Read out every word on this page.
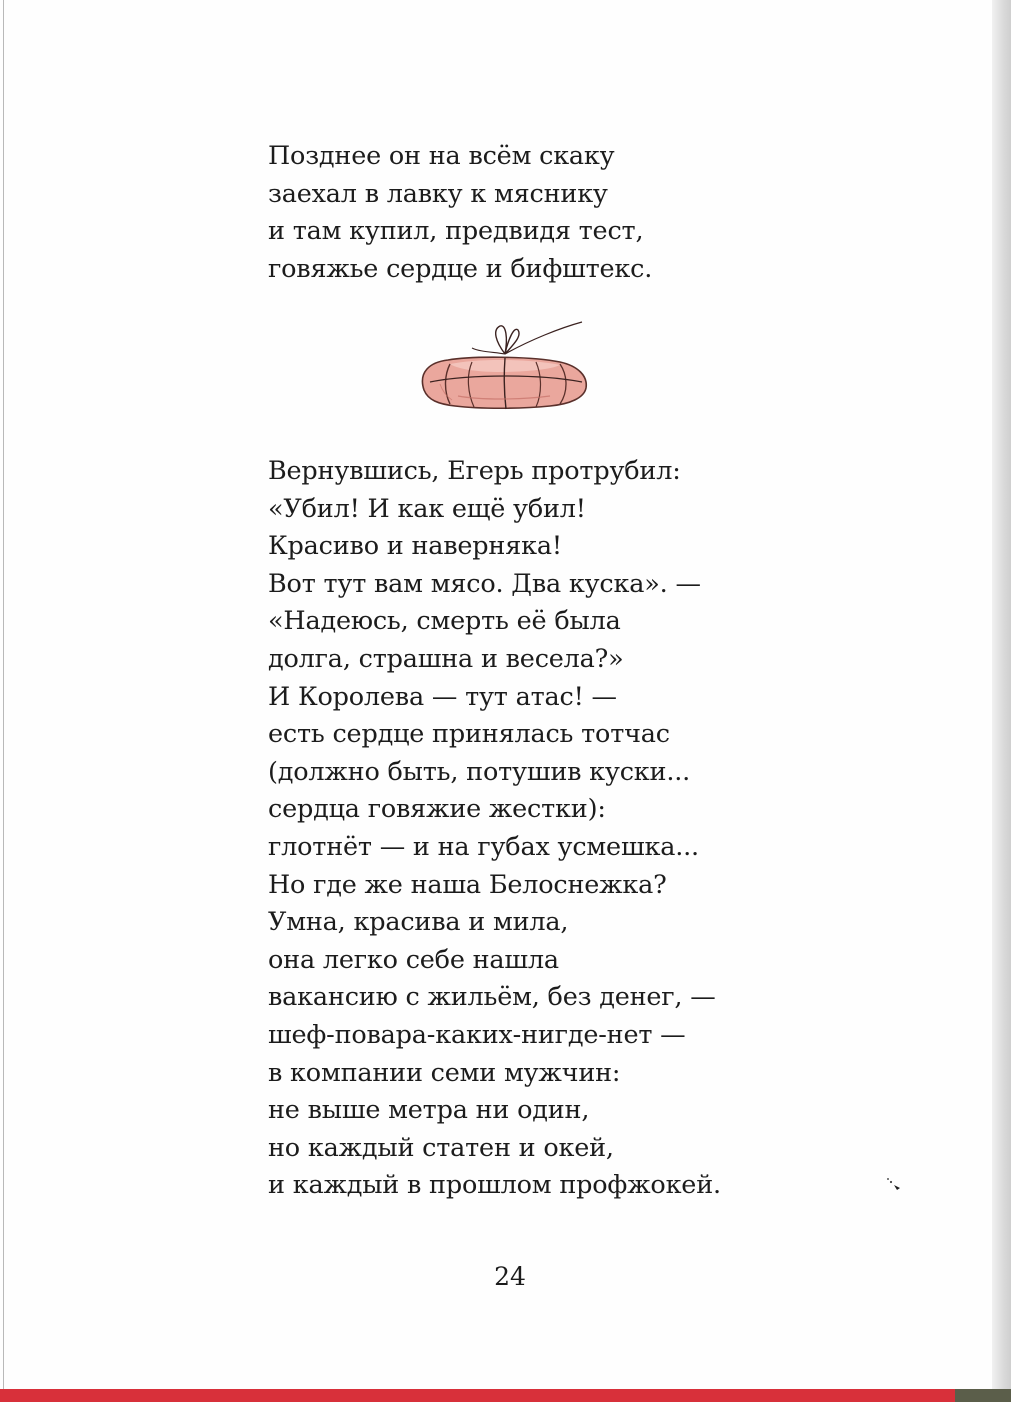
Позднее он на всём скаку
заехал в лавку к мяснику
и там купил, предвидя тест,
говяжье сердце и бифштекс.
Вернувшись, Егерь протрубил:
«Убил! И как ещё убил!
Красиво и наверняка!
Вот тут вам мясо. Два куска». —
«Надеюсь, смерть её была
долга, страшна и весела?»
И Королева — тут атас! —
есть сердце принялась тотчас
(должно быть, потушив куски...
сердца говяжие жестки):
глотнёт — и на губах усмешка...
Но где же наша Белоснежка?
Умна, красива и мила,
она легко себе нашла
вакансию с жильём, без денег, —
шеф-повара-каких-нигде-нет —
в компании семи мужчин:
не выше метра ни один,
но каждый статен и окей,
и каждый в прошлом профжокей.
24
